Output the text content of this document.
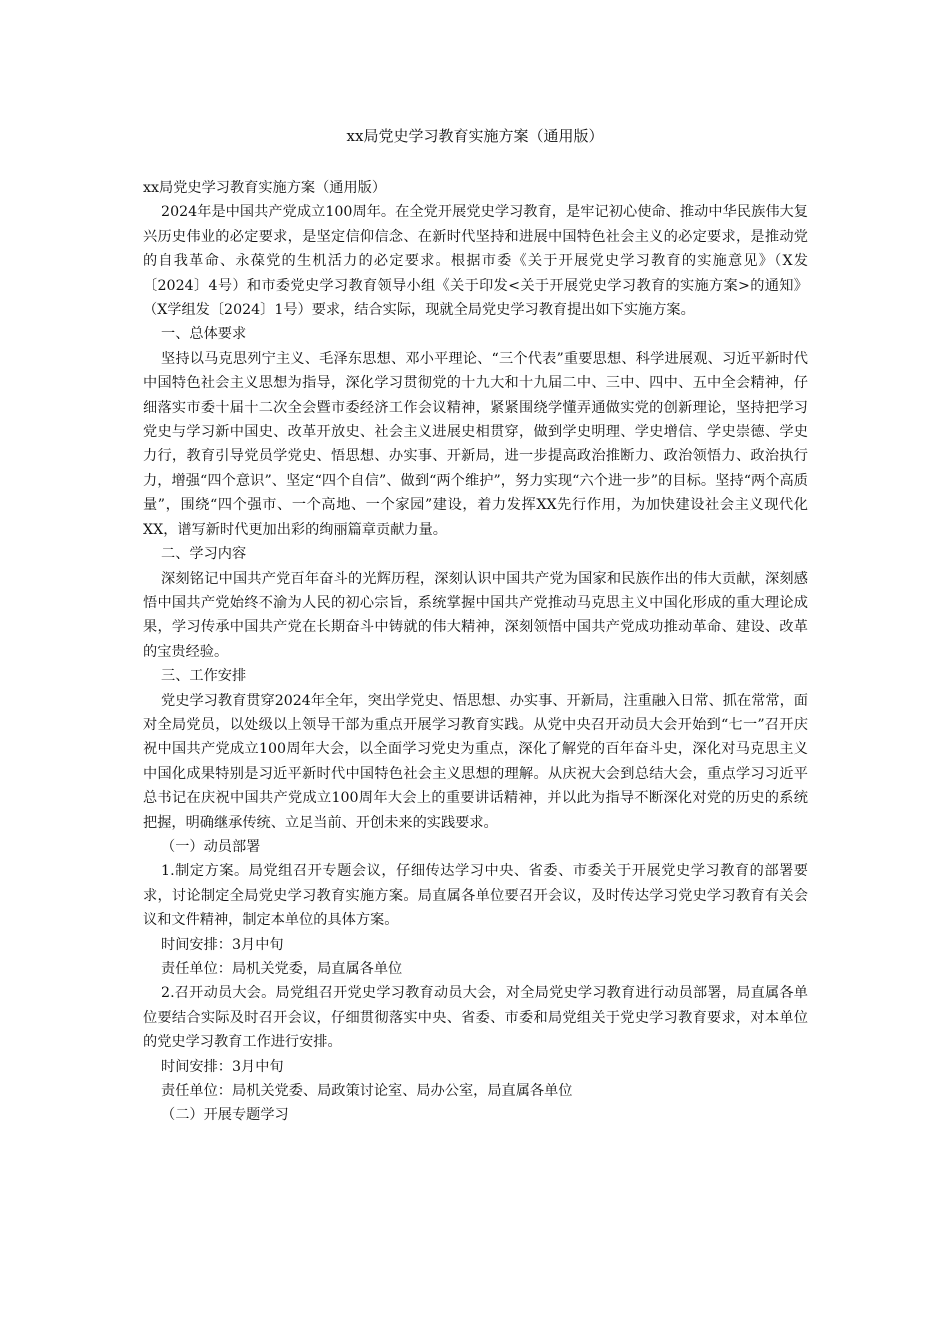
xx局党史学习教育实施方案（通用版）

xx局党史学习教育实施方案（通用版）

2024年是中国共产党成立100周年。在全党开展党史学习教育，是牢记初心使命、推动中华民族伟大复兴历史伟业的必定要求，是坚定信仰信念、在新时代坚持和进展中国特色社会主义的必定要求，是推动党的自我革命、永葆党的生机活力的必定要求。根据市委《关于开展党史学习教育的实施意见》（X发〔2024〕4号）和市委党史学习教育领导小组《关于印发<关于开展党史学习教育的实施方案>的通知》（X学组发〔2024〕1号）要求，结合实际，现就全局党史学习教育提出如下实施方案。

一、总体要求

坚持以马克思列宁主义、毛泽东思想、邓小平理论、“三个代表”重要思想、科学进展观、习近平新时代中国特色社会主义思想为指导，深化学习贯彻党的十九大和十九届二中、三中、四中、五中全会精神，仔细落实市委十届十二次全会暨市委经济工作会议精神，紧紧围绕学懂弄通做实党的创新理论，坚持把学习党史与学习新中国史、改革开放史、社会主义进展史相贯穿，做到学史明理、学史增信、学史崇德、学史力行，教育引导党员学党史、悟思想、办实事、开新局，进一步提高政治推断力、政治领悟力、政治执行力，增强“四个意识”、坚定“四个自信”、做到“两个维护”，努力实现“六个进一步”的目标。坚持“两个高质量”，围绕“四个强市、一个高地、一个家园”建设，着力发挥XX先行作用，为加快建设社会主义现代化XX，谱写新时代更加出彩的绚丽篇章贡献力量。

二、学习内容

深刻铭记中国共产党百年奋斗的光辉历程，深刻认识中国共产党为国家和民族作出的伟大贡献，深刻感悟中国共产党始终不渝为人民的初心宗旨，系统掌握中国共产党推动马克思主义中国化形成的重大理论成果，学习传承中国共产党在长期奋斗中铸就的伟大精神，深刻领悟中国共产党成功推动革命、建设、改革的宝贵经验。

三、工作安排

党史学习教育贯穿2024年全年，突出学党史、悟思想、办实事、开新局，注重融入日常、抓在常常，面对全局党员，以处级以上领导干部为重点开展学习教育实践。从党中央召开动员大会开始到“七一”召开庆祝中国共产党成立100周年大会，以全面学习党史为重点，深化了解党的百年奋斗史，深化对马克思主义中国化成果特别是习近平新时代中国特色社会主义思想的理解。从庆祝大会到总结大会，重点学习习近平总书记在庆祝中国共产党成立100周年大会上的重要讲话精神，并以此为指导不断深化对党的历史的系统把握，明确继承传统、立足当前、开创未来的实践要求。

（一）动员部署

1.制定方案。局党组召开专题会议，仔细传达学习中央、省委、市委关于开展党史学习教育的部署要求，讨论制定全局党史学习教育实施方案。局直属各单位要召开会议，及时传达学习党史学习教育有关会议和文件精神，制定本单位的具体方案。

时间安排：3月中旬

责任单位：局机关党委，局直属各单位

2.召开动员大会。局党组召开党史学习教育动员大会，对全局党史学习教育进行动员部署，局直属各单位要结合实际及时召开会议，仔细贯彻落实中央、省委、市委和局党组关于党史学习教育要求，对本单位的党史学习教育工作进行安排。

时间安排：3月中旬

责任单位：局机关党委、局政策讨论室、局办公室，局直属各单位

（二）开展专题学习
